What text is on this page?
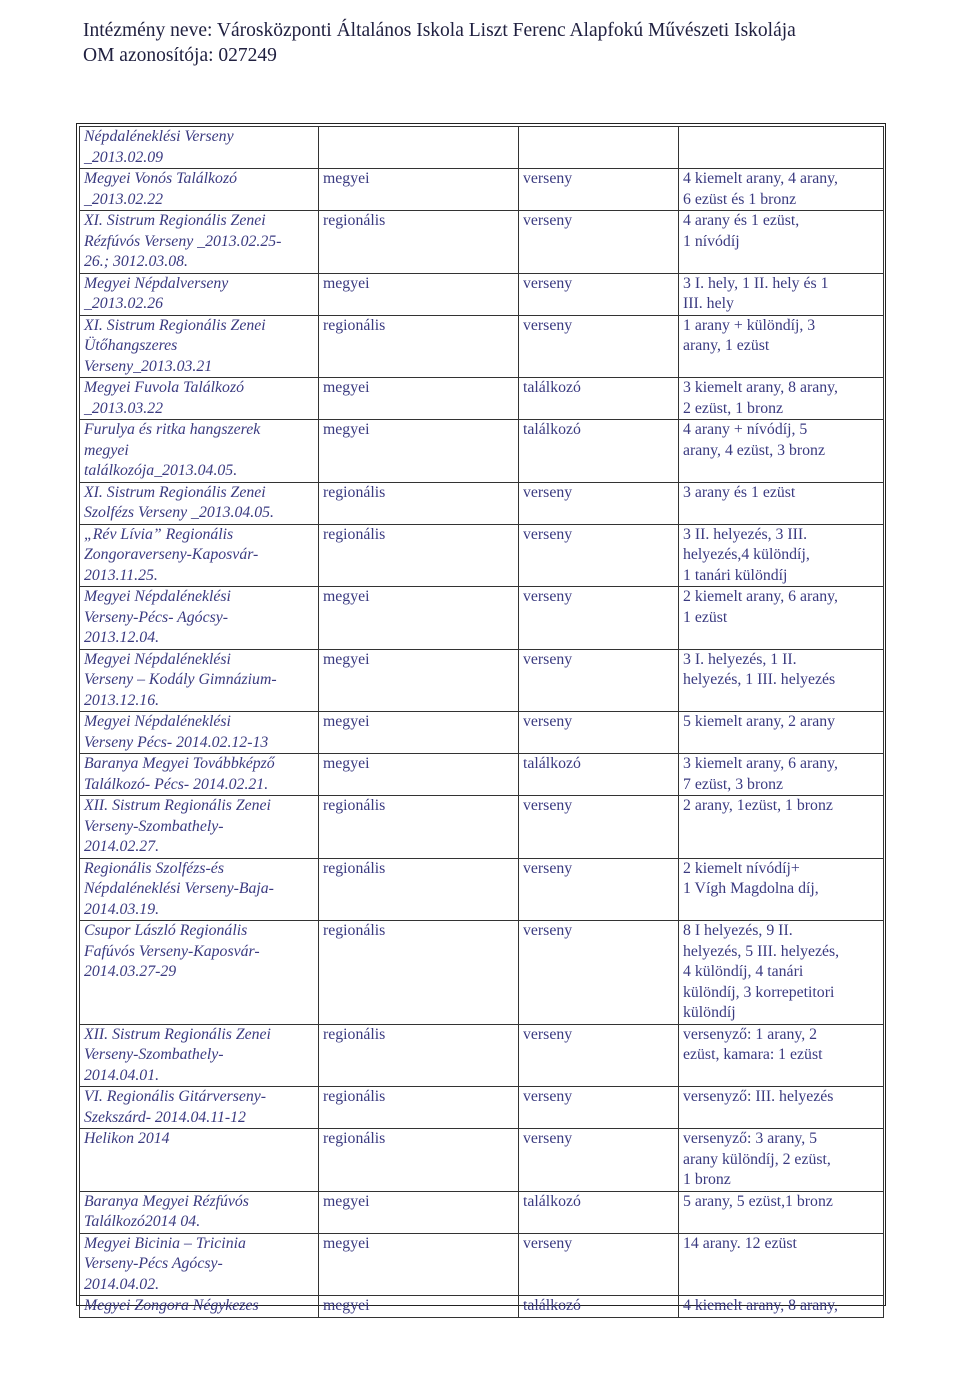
Intézmény neve: Városközponti Általános Iskola Liszt Ferenc Alapfokú Művészeti Iskolája
OM azonosítója: 027249
Népdaléneklési Verseny
_2013.02.09			

Megyei Vonós Találkozó
_2013.02.22	megyei	verseny	4 kiemelt arany, 4 arany,
6 ezüst és 1 bronz

XI. Sistrum Regionális Zenei
Rézfúvós Verseny _2013.02.25-
26.; 3012.03.08.	regionális	verseny	4 arany és 1 ezüst,
1 nívódíj

Megyei Népdalverseny
_2013.02.26	megyei	verseny	3 I. hely, 1 II. hely és 1
III. hely

XI. Sistrum Regionális Zenei
Ütőhangszeres
Verseny_2013.03.21	regionális	verseny	1 arany + különdíj, 3
arany, 1 ezüst

Megyei Fuvola Találkozó
_2013.03.22	megyei	találkozó	3 kiemelt arany, 8 arany,
2 ezüst, 1 bronz

Furulya és ritka hangszerek
megyei
találkozója_2013.04.05.	megyei	találkozó	4 arany + nívódíj, 5
arany, 4 ezüst, 3 bronz

XI. Sistrum Regionális Zenei
Szolfézs Verseny _2013.04.05.	regionális	verseny	3 arany és 1 ezüst

„Rév Lívia” Regionális
Zongoraverseny-Kaposvár-
2013.11.25.	regionális	verseny	3 II. helyezés, 3 III.
helyezés,4 különdíj,
1 tanári különdíj

Megyei Népdaléneklési
Verseny-Pécs- Agócsy-
2013.12.04.	megyei	verseny	2 kiemelt arany, 6 arany,
1 ezüst

Megyei Népdaléneklési
Verseny – Kodály Gimnázium-
2013.12.16.	megyei	verseny	3 I. helyezés, 1 II.
helyezés, 1 III. helyezés

Megyei Népdaléneklési
Verseny Pécs- 2014.02.12-13	megyei	verseny	5 kiemelt arany, 2 arany

Baranya Megyei Továbbképző
Találkozó- Pécs- 2014.02.21.	megyei	találkozó	3 kiemelt arany, 6 arany,
7 ezüst, 3 bronz

XII. Sistrum Regionális Zenei
Verseny-Szombathely-
2014.02.27.	regionális	verseny	2 arany, 1ezüst, 1 bronz

Regionális Szolfézs-és
Népdaléneklési Verseny-Baja-
2014.03.19.	regionális	verseny	2 kiemelt nívódíj+
1 Vígh Magdolna díj,

Csupor László Regionális
Fafúvós Verseny-Kaposvár-
2014.03.27-29	regionális	verseny	8 I helyezés, 9 II.
helyezés, 5 III. helyezés,
4 különdíj, 4 tanári
különdíj, 3 korrepetitori
különdíj

XII. Sistrum Regionális Zenei
Verseny-Szombathely-
2014.04.01.	regionális	verseny	versenyző: 1 arany, 2
ezüst, kamara: 1 ezüst

VI. Regionális Gitárverseny-
Szekszárd- 2014.04.11-12	regionális	verseny	versenyző: III. helyezés

Helikon 2014	regionális	verseny	versenyző: 3 arany, 5
arany különdíj, 2 ezüst,
1 bronz

Baranya Megyei Rézfúvós
Találkozó2014 04.	megyei	találkozó	5 arany, 5 ezüst,1 bronz

Megyei Bicinia – Tricinia
Verseny-Pécs Agócsy-
2014.04.02.	megyei	verseny	14 arany. 12 ezüst

Megyei Zongora Négykezes	megyei	találkozó	4 kiemelt arany, 8 arany,
